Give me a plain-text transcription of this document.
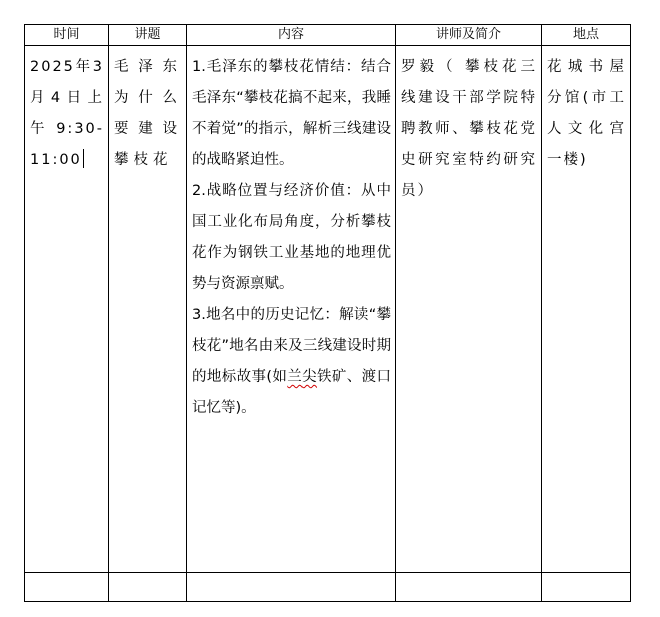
时间	讲题	内容	讲师及简介	地点

2025年3月4日上午9:30-11:00	毛泽东为什么要建设攀枝花	1.毛泽东的攀枝花情结：结合毛泽东“攀枝花搞不起来，我睡不着觉”的指示，解析三线建设的战略紧迫性。

2.战略位置与经济价值：从中国工业化布局角度，分析攀枝花作为钢铁工业基地的地理优势与资源禀赋。

3.地名中的历史记忆：解读“攀枝花”地名由来及三线建设时期的地标故事(如兰尖铁矿、渡口记忆等)。	罗毅（ 攀枝花三线建设干部学院特聘教师、攀枝花党史研究室特约研究员）	花城书屋分馆(市工人文化宫一楼)
